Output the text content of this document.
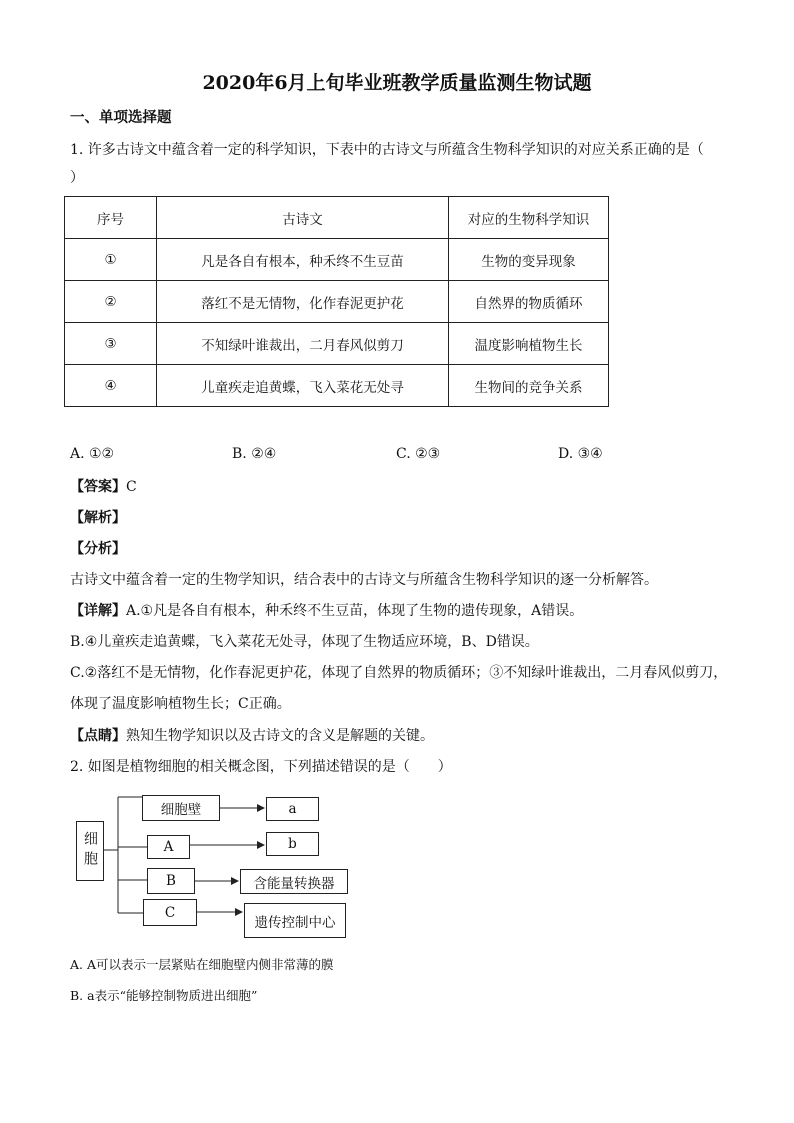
2020年6月上旬毕业班教学质量监测生物试题
一、单项选择题
1. 许多古诗文中蕴含着一定的科学知识，下表中的古诗文与所蕴含生物科学知识的对应关系正确的是（
）
序号	古诗文	对应的生物科学知识
①	凡是各自有根本，种禾终不生豆苗	生物的变异现象
②	落红不是无情物，化作春泥更护花	自然界的物质循环
③	不知绿叶谁裁出，二月春风似剪刀	温度影响植物生长
④	儿童疾走追黄蝶，飞入菜花无处寻	生物间的竞争关系
A. ①②	B. ②④	C. ②③	D. ③④
【答案】C
【解析】
【分析】
古诗文中蕴含着一定的生物学知识，结合表中的古诗文与所蕴含生物科学知识的逐一分析解答。
【详解】A.①凡是各自有根本，种禾终不生豆苗，体现了生物的遗传现象，A错误。
B.④儿童疾走追黄蝶，飞入菜花无处寻，体现了生物适应环境，B、D错误。
C.②落红不是无情物，化作春泥更护花，体现了自然界的物质循环；③不知绿叶谁裁出，二月春风似剪刀，
体现了温度影响植物生长；C正确。
【点睛】熟知生物学知识以及古诗文的含义是解题的关键。
2. 如图是植物细胞的相关概念图，下列描述错误的是（　　）
细胞
细胞壁	a
A	b
B	含能量转换器
C
遗传控制中心
A. A可以表示一层紧贴在细胞壁内侧非常薄的膜
B. a表示“能够控制物质进出细胞”
